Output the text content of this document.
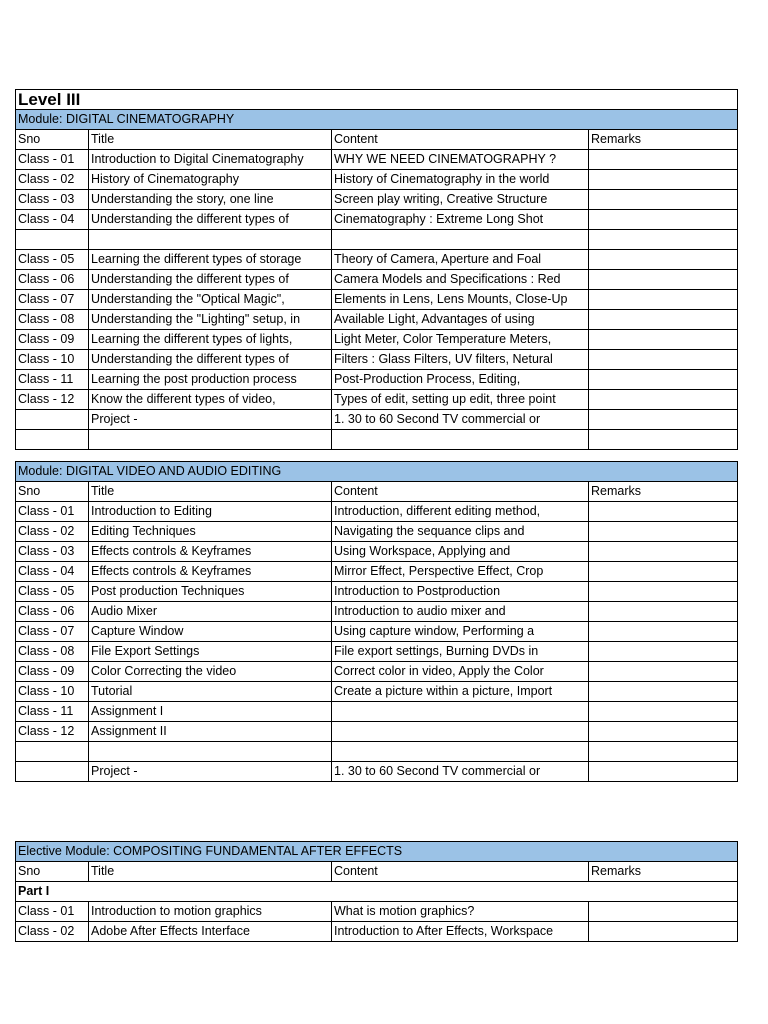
Level III			
Module: DIGITAL CINEMATOGRAPHY			
Sno	Title	Content	Remarks
Class - 01	Introduction to Digital Cinematography	WHY WE NEED CINEMATOGRAPHY ?	
Class - 02	History of Cinematography	History of Cinematography in the world	
Class - 03	Understanding the story, one line	Screen play writing, Creative Structure	
Class - 04	Understanding the different types of	Cinematography : Extreme Long Shot	

Class - 05	Learning the different types of storage	Theory of Camera, Aperture and Foal	
Class - 06	Understanding the different types of	Camera Models and Specifications : Red	
Class - 07	Understanding the "Optical Magic",	Elements in Lens, Lens Mounts, Close-Up	
Class - 08	Understanding the "Lighting" setup, in	Available Light, Advantages of using	
Class - 09	Learning the different types of lights,	Light Meter, Color Temperature Meters,	
Class - 10	Understanding the different types of	Filters : Glass Filters, UV filters, Netural	
Class - 11	Learning the post production process	Post-Production Process, Editing,	
Class - 12	Know the different types of video,	Types of edit, setting up edit, three point	
	Project -	1. 30 to 60 Second TV commercial or	

Module: DIGITAL VIDEO AND AUDIO EDITING			
Sno	Title	Content	Remarks
Class - 01	Introduction to Editing	Introduction, different editing method,	
Class - 02	Editing Techniques	Navigating the sequance clips and	
Class - 03	Effects controls & Keyframes	Using Workspace, Applying and	
Class - 04	Effects controls & Keyframes	Mirror Effect, Perspective Effect, Crop	
Class - 05	Post production Techniques	Introduction to Postproduction	
Class - 06	Audio Mixer	Introduction to audio mixer and	
Class - 07	Capture Window	Using capture window, Performing a	
Class - 08	File Export Settings	File export settings, Burning DVDs in	
Class - 09	Color Correcting the video	Correct color in video, Apply the Color	
Class - 10	Tutorial	Create a picture within a picture, Import	
Class - 11	Assignment I		
Class - 12	Assignment II		

	Project -	1. 30 to 60 Second TV commercial or	
Elective Module: COMPOSITING FUNDAMENTAL AFTER EFFECTS			
Sno	Title	Content	Remarks
Part I			
Class - 01	Introduction to motion graphics	What is motion graphics?	
Class - 02	Adobe After Effects Interface	Introduction to After Effects, Workspace	
